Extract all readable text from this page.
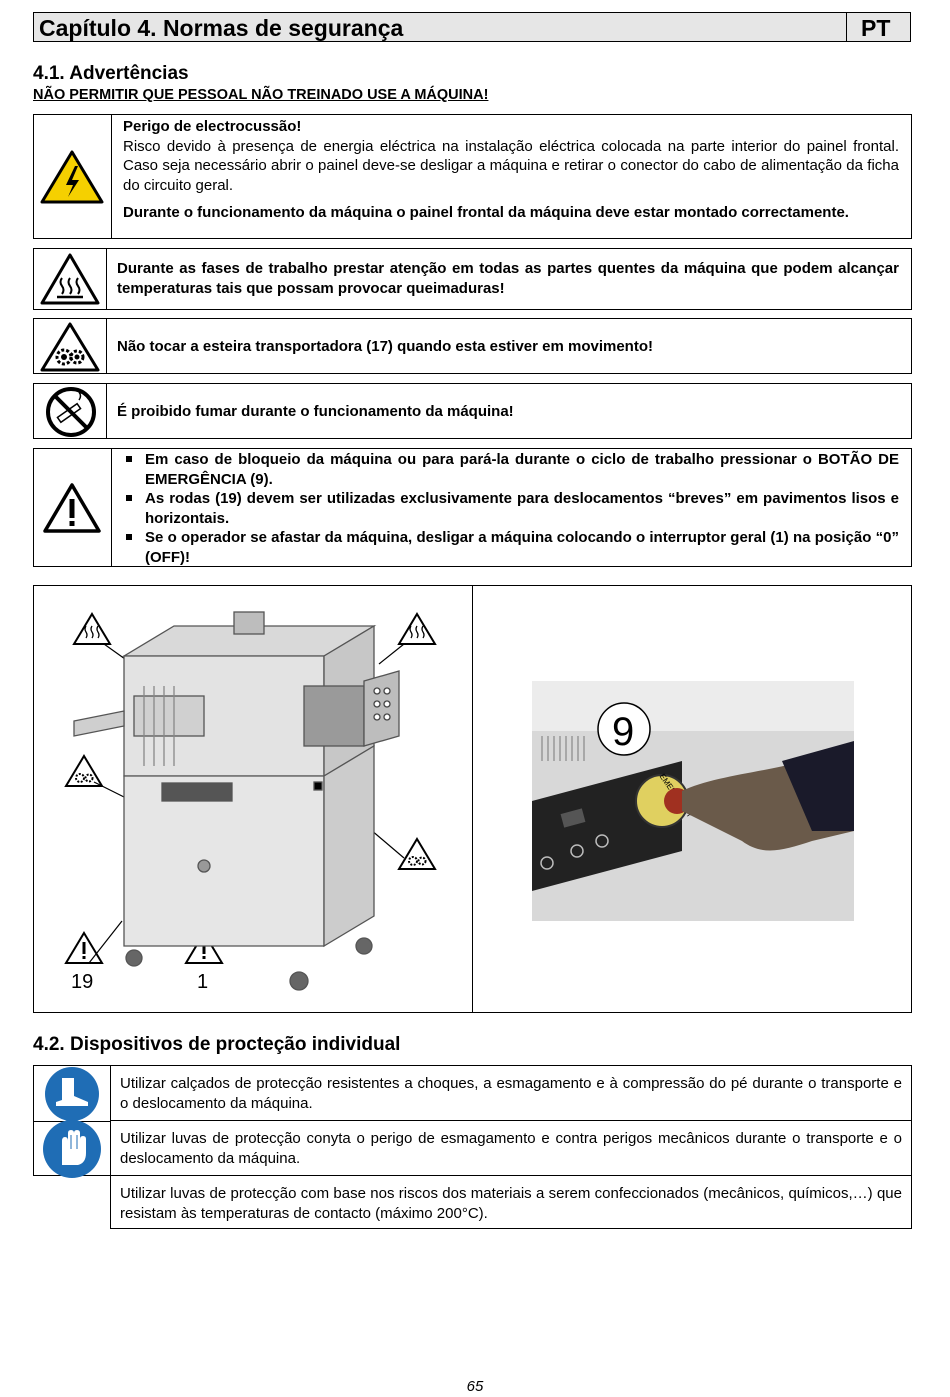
Capítulo 4. Normas de segurança	PT
4.1. Advertências
NÃO PERMITIR QUE PESSOAL NÃO TREINADO USE A MÁQUINA!
Perigo de electrocussão!
Risco devido à presença de energia eléctrica na instalação eléctrica colocada na parte interior do painel frontal. Caso seja necessário abrir o painel deve-se desligar a máquina e retirar o conector do cabo de alimentação da ficha do circuito geral.
Durante o funcionamento da máquina o painel frontal da máquina deve estar montado correctamente.
Durante as fases de trabalho prestar atenção em todas as partes quentes da máquina que podem alcançar temperaturas tais que possam provocar queimaduras!
Não tocar a esteira transportadora (17) quando esta estiver em movimento!
É proibido fumar durante o funcionamento da máquina!
Em caso de bloqueio da máquina ou para pará-la durante o ciclo de trabalho pressionar o BOTÃO DE EMERGÊNCIA (9).
As rodas (19) devem ser utilizadas exclusivamente para deslocamentos “breves” em pavimentos lisos e horizontais.
Se o operador se afastar da máquina, desligar a máquina colocando o interruptor geral (1) na posição “0” (OFF)!
19	1
9
4.2. Dispositivos de procteção individual
Utilizar calçados de protecção resistentes a choques, a esmagamento e à compressão do pé durante o transporte e o deslocamento da máquina.
Utilizar luvas de protecção conyta o perigo de esmagamento e contra perigos mecânicos durante o transporte e o deslocamento da máquina.
Utilizar luvas de protecção com base nos riscos dos materiais a serem confeccionados (mecânicos, químicos,…) que resistam às temperaturas de contacto (máximo 200°C).
65
